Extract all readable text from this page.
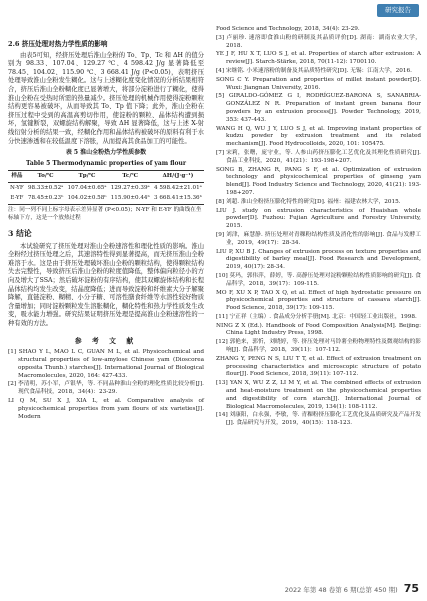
研究报告
2.6 挤压处理对热力学性质的影响

由表5可知，经挤压处理后淮山全粉的 To、Tp、Tc 和 ΔH 的值分别为 98.33、107.04、129.27 ℃、4 598.42 J/g 显著降低至 78.45、104.02、115.90 ℃、3 668.41 J/g (P<0.05)，表明挤压处理导致淮山全粉发生糊化。这与上述糊化度变化情况的分析结果相符合，挤压后淮山全粉糊化度已显著增大，将部分淀粉进行了糊化，使得淮山全粉在受热时所需的热量减少。挤压处理的机械作用使得淀粉颗粒结构更容易被破坏，从而导致其 To、Tp 值下降；此外，淮山全粉在挤压过程中受到的高温高剪切作用，使淀粉的颗粒、晶体结构遭到损坏，氢键断裂，双螺旋结构解聚，导致 ΔH 显著降低，这与上述 X-射线衍射分析的结果一致，经糊化作用和晶体结构被破坏的原料有利于水分快速渗透和在较低温度下溶胀，从而提高其食品加工的可能性。

表 5 淮山全粉热力学性质参数
Table 5 Thermodynamic properties of yam flour
样品	To/℃	Tp/℃	Tc/℃	ΔH/(J·g⁻¹)
N-YF	98.33±0.52ᵃ	107.04±0.65ᵃ	129.27±0.39ᵃ	4 598.42±21.01ᵃ
E-YF	78.45±0.23ᵇ	104.02±0.58ᵇ	115.90±0.44ᵇ	3 668.41±15.36ᵇ
注：同一列不同上标字母表示差异显著 (P<0.05)；N-YF 和 E-YF 的曲线在坐标轴下方，这是一个放热过程
3 结论

本试验研究了挤压处理对淮山全粉速溶性和理化性质的影响。淮山全粉经过挤压处理之后，其速溶特性得到显著提高，而无挤压淮山全粉难溶于水。这是由于挤压处理破坏淮山全粉的颗粒结构，使得颗粒结构失去完整性，导致挤压后淮山全粉的粒度值降低，整体偏向粒径小的方向及增大了SSA；然后破坏淀粉的有序结构，使其双螺旋体结构和长程晶体结构均发生改变，结晶度降低；进而导致淀粉和纤维素大分子解聚降解，直链淀粉、糊精、小分子糖、可溶性膳食纤维等水溶性较好物质含量增加；同时淀粉颗粒发生溶胀糊化，糊化特性和热力学性质发生改变，吸水能力增强。研究结果证明挤压处理是提高淮山全粉速溶性的一种有效的方法。

参 考 文 献

[1] SHAO Y L, MAO L C, GUAN M L, et al. Physicochemical and structural properties of low-amylose Chinese yam (Dioscorea opposita Thunb.) starches[J]. International Journal of Biological Macromolecules, 2020, 164: 427-433.

[2] 李清明，苏小军，卢银华，等. 不同品种淮山全粉的理化性质比较分析[J]. 现代食品科技，2018，34(4)：23-29.

LI Q M, SU X J, XIA L, et al. Comparative analysis of physicochemical properties from yam flours of six varieties[J]. Modern

Food Science and Technology, 2018, 34(4): 23-29.

[3] 卢丽珍. 速溶即食淮山粉的研制及其品质评价[D]. 湖南：湖南农业大学，2018.

YE J F, HU X T, LUO S J, et al. Properties of starch after extrusion: A review[J]. Starch-Stärke, 2018, 70(11-12): 1700110.

[4] 宋继铭. 小米速溶粉的制备及其品质特性研究[D]. 无锡：江南大学，2016.

SONG C Y. Preparation and properties of millet instant powder[D]. Wuxi: Jiangnan University, 2016.

[5] GIRALDO-GÓMEZ G I, RODRÍGUEZ-BARONA S, SANABRIA-GONZÁLEZ N R. Preparation of instant green banana flour powders by an extrusion process[J]. Powder Technology, 2019, 353: 437-443.

WANG H Q, WU J Y, LUO S J, et al. Improving instant properties of kudzu powder by extrusion treatment and its related mechanism[J]. Food Hydrocolloids, 2020, 101: 105475.

[7] 宋莉，张曙，庞守业，等. 人参山药挤压膨化工艺优化及其理化性质研究[J]. 食品工业科技，2020，41(21)：193-198+207.

SONG B, ZHANG R, PANG S F, et al. Optimization of extrusion technology and physicochemical properties of ginseng yam blend[J]. Food Industry Science and Technology, 2020, 41(21): 193-198+207.

[8] 刘超. 淮山全粉挤压膨化特性的研究[D]. 福州：福建农林大学，2015.

LIU J. study on extrusion characteristics of Huaishan whole powder[D]. Fuzhou: Fujian Agriculture and Forestry University, 2015.

[9] 刘津，麻慧静. 挤压处理对青稞粉结构性质及消化性的影响[J]. 食品与发酵工业，2019，49(17)：28-34.

LIU P, XU B J. Changes of extrusion process on texture properties and digestibility of barley meal[J]. Food Research and Development, 2019, 40(17): 28-34.

[10] 莫玛，郭伟萍，薛婷，等. 高静压处理对淀粉颗粒结构性质影响的研究[J]. 食品科学，2018，39(17)：109-115.

MO F, XU X P, TAO X Q, et al. Effect of high hydrostatic pressure on physicochemical properties and structure of cassava starch[J]. Food Science, 2018, 39(17): 109-115.

[11] 宁正祥（主编）. 食品成分分析手册[M]. 北京：中国轻工业出版社，1998.

NING Z X (Ed.). Handbook of Food Composition Analysis[M]. Beijing: China Light Industry Press, 1998.

[12] 郭艳来，郭忻，刘晓婷，等. 挤压处理对马铃薯全粉物理特性及微观结构的影响[J]. 食品科学，2018，39(11)：107-112.

ZHANG Y, PENG N S, LIU T T, et al. Effect of extrusion treatment on processing characteristics and microscopic structure of potato flour[J]. Food Science, 2018, 39(11): 107-112.

[13] YAN X, WU Z Z, LI M Y, et al. The combined effects of extrusion and heat-moisture treatment on the physicochemical properties and digestibility of corn starch[J]. International Journal of Biological Macromolecules, 2019, 134(1): 108-1112.

[14] 刘康阳，白永强，李敏，等. 青稞粉挤压膨化工艺优化及品质研究及产品开发[J]. 食品研究与开发，2019，40(15)：118-123.

2022 年第 48 卷第 6 期(总第 450 期) 75
